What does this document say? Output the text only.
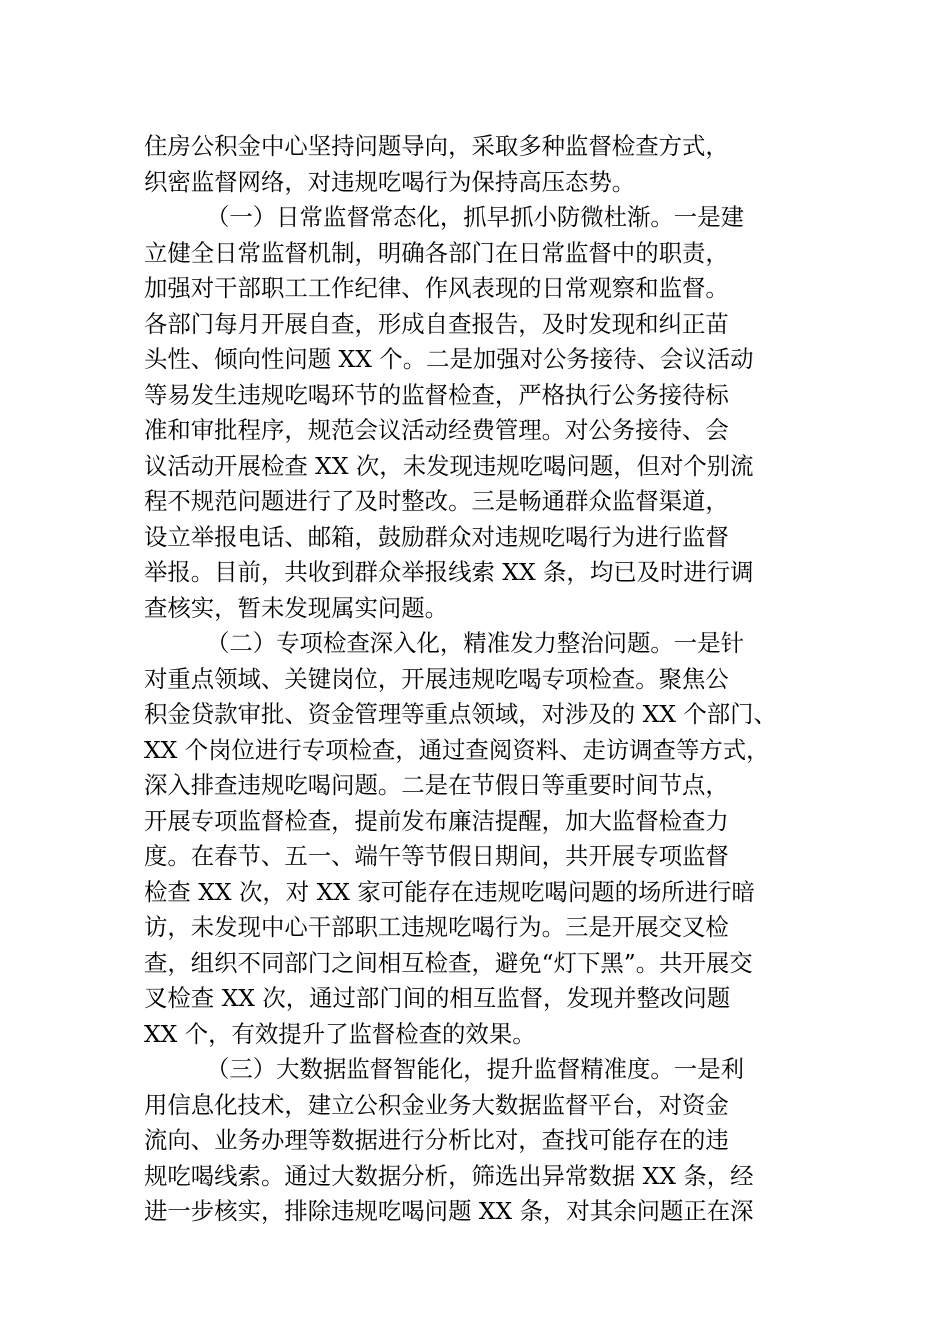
住房公积金中心坚持问题导向，采取多种监督检查方式，
织密监督网络，对违规吃喝行为保持高压态势。
（一）日常监督常态化，抓早抓小防微杜渐。一是建
立健全日常监督机制，明确各部门在日常监督中的职责，
加强对干部职工工作纪律、作风表现的日常观察和监督。
各部门每月开展自查，形成自查报告，及时发现和纠正苗
头性、倾向性问题 XX 个。二是加强对公务接待、会议活动
等易发生违规吃喝环节的监督检查，严格执行公务接待标
准和审批程序，规范会议活动经费管理。对公务接待、会
议活动开展检查 XX 次，未发现违规吃喝问题，但对个别流
程不规范问题进行了及时整改。三是畅通群众监督渠道，
设立举报电话、邮箱，鼓励群众对违规吃喝行为进行监督
举报。目前，共收到群众举报线索 XX 条，均已及时进行调
查核实，暂未发现属实问题。
（二）专项检查深入化，精准发力整治问题。一是针
对重点领域、关键岗位，开展违规吃喝专项检查。聚焦公
积金贷款审批、资金管理等重点领域，对涉及的 XX 个部门、
XX 个岗位进行专项检查，通过查阅资料、走访调查等方式，
深入排查违规吃喝问题。二是在节假日等重要时间节点，
开展专项监督检查，提前发布廉洁提醒，加大监督检查力
度。在春节、五一、端午等节假日期间，共开展专项监督
检查 XX 次，对 XX 家可能存在违规吃喝问题的场所进行暗
访，未发现中心干部职工违规吃喝行为。三是开展交叉检
查，组织不同部门之间相互检查，避免“灯下黑”。共开展交
叉检查 XX 次，通过部门间的相互监督，发现并整改问题
XX 个，有效提升了监督检查的效果。
（三）大数据监督智能化，提升监督精准度。一是利
用信息化技术，建立公积金业务大数据监督平台，对资金
流向、业务办理等数据进行分析比对，查找可能存在的违
规吃喝线索。通过大数据分析，筛选出异常数据 XX 条，经
进一步核实，排除违规吃喝问题 XX 条，对其余问题正在深
